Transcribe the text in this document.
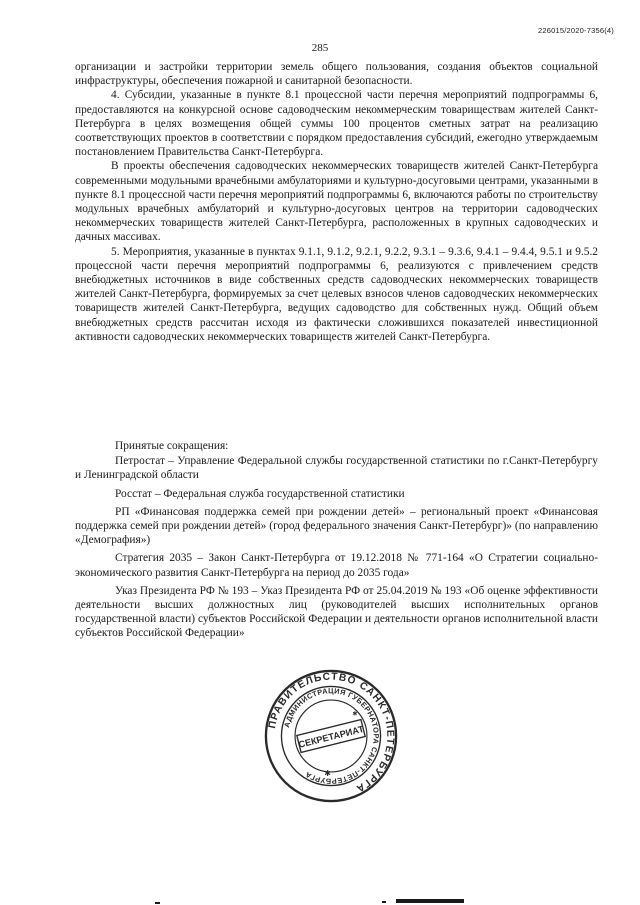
226015/2020-7356(4)
285

организации и застройки территории земель общего пользования, создания объектов социальной инфраструктуры, обеспечения пожарной и санитарной безопасности.

4. Субсидии, указанные в пункте 8.1 процессной части перечня мероприятий подпрограммы 6, предоставляются на конкурсной основе садоводческим некоммерческим товариществам жителей Санкт-Петербурга в целях возмещения общей суммы 100 процентов сметных затрат на реализацию соответствующих проектов в соответствии с порядком предоставления субсидий, ежегодно утверждаемым постановлением Правительства Санкт-Петербурга.

В проекты обеспечения садоводческих некоммерческих товариществ жителей Санкт-Петербурга современными модульными врачебными амбулаториями и культурно-досуговыми центрами, указанными в пункте 8.1 процессной части перечня мероприятий подпрограммы 6, включаются работы по строительству модульных врачебных амбулаторий и культурно-досуговых центров на территории садоводческих некоммерческих товариществ жителей Санкт-Петербурга, расположенных в крупных садоводческих и дачных массивах.

5. Мероприятия, указанные в пунктах 9.1.1, 9.1.2, 9.2.1, 9.2.2, 9.3.1 – 9.3.6, 9.4.1 – 9.4.4, 9.5.1 и 9.5.2 процессной части перечня мероприятий подпрограммы 6, реализуются с привлечением средств внебюджетных источников в виде собственных средств садоводческих некоммерческих товариществ жителей Санкт-Петербурга, формируемых за счет целевых взносов членов садоводческих некоммерческих товариществ жителей Санкт-Петербурга, ведущих садоводство для собственных нужд. Общий объем внебюджетных средств рассчитан исходя из фактически сложившихся показателей инвестиционной активности садоводческих некоммерческих товариществ жителей Санкт-Петербурга.

Принятые сокращения:

Петростат – Управление Федеральной службы государственной статистики по г.Санкт-Петербургу и Ленинградской области

Росстат – Федеральная служба государственной статистики

РП «Финансовая поддержка семей при рождении детей» – региональный проект «Финансовая поддержка семей при рождении детей» (город федерального значения Санкт-Петербург)» (по направлению «Демография»)

Стратегия 2035 – Закон Санкт-Петербурга от 19.12.2018 № 771-164 «О Стратегии социально-экономического развития Санкт-Петербурга на период до 2035 года»

Указ Президента РФ № 193 – Указ Президента РФ от 25.04.2019 № 193 «Об оценке эффективности деятельности высших должностных лиц (руководителей высших исполнительных органов государственной власти) субъектов Российской Федерации и деятельности органов исполнительной власти субъектов Российской Федерации»

ПРАВИТЕЛЬСТВО САНКТ-ПЕТЕРБУРГА
АДМИНИСТРАЦИЯ ГУБЕРНАТОРА САНКТ-ПЕТЕРБУРГА
СЕКРЕТАРИАТ
✱
✱
